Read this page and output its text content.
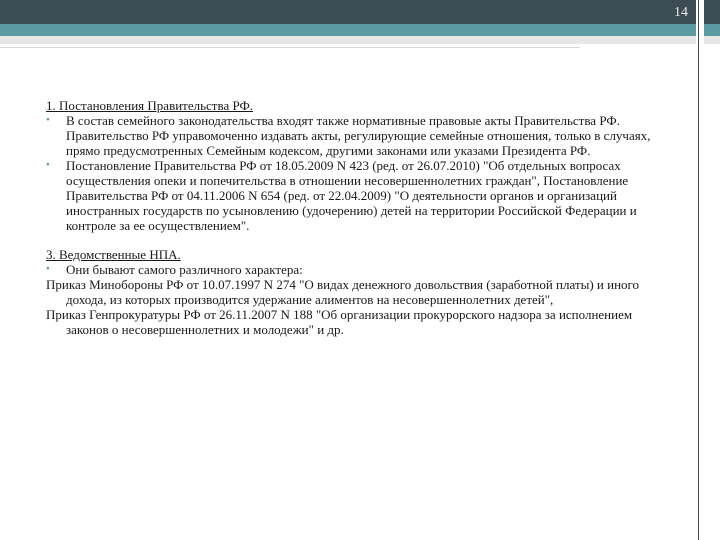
14

1. Постановления Правительства РФ.

• В состав семейного законодательства входят также нормативные правовые акты Правительства РФ. Правительство РФ управомоченно издавать акты, регулирующие семейные отношения, только в случаях, прямо предусмотренных Семейным кодексом, другими законами или указами Президента РФ.

• Постановление Правительства РФ от 18.05.2009 N 423 (ред. от 26.07.2010) "Об отдельных вопросах осуществления опеки и попечительства в отношении несовершеннолетних граждан", Постановление Правительства РФ от 04.11.2006 N 654 (ред. от 22.04.2009) "О деятельности органов и организаций иностранных государств по усыновлению (удочерению) детей на территории Российской Федерации и контроле за ее осуществлением".

3. Ведомственные НПА.

• Они бывают самого различного характера:

Приказ Минобороны РФ от 10.07.1997 N 274 "О видах денежного довольствия (заработной платы) и иного дохода, из которых производится удержание алиментов на несовершеннолетних детей",

Приказ Генпрокуратуры РФ от 26.11.2007 N 188 "Об организации прокурорского надзора за исполнением законов о несовершеннолетних и молодежи" и др.
